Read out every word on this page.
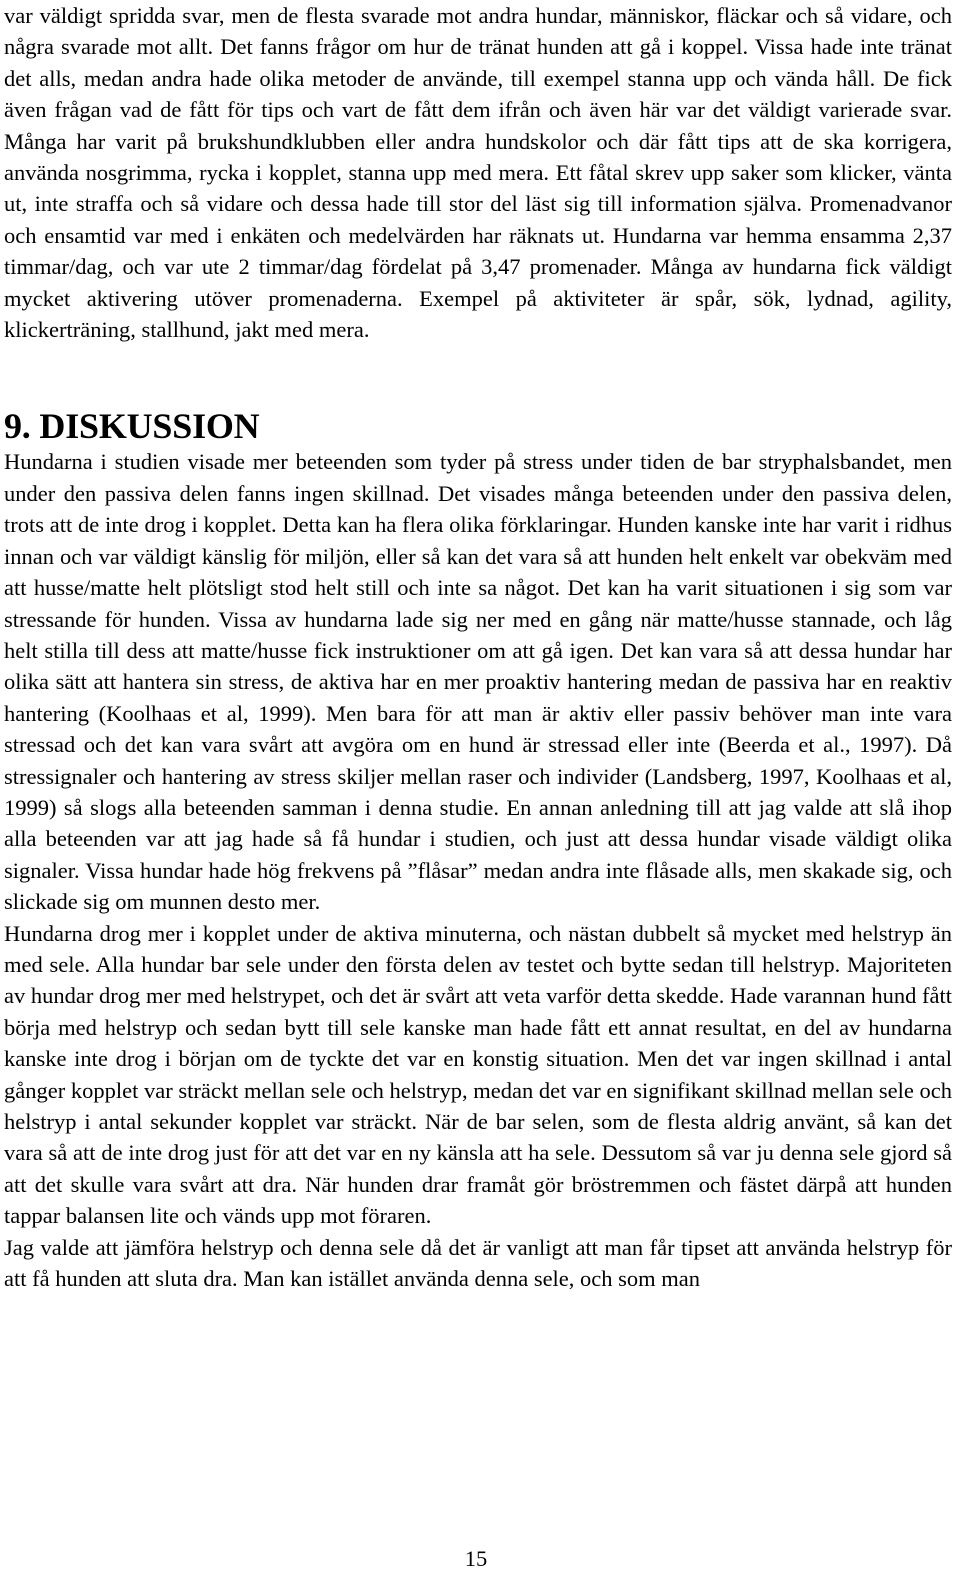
var väldigt spridda svar, men de flesta svarade mot andra hundar, människor, fläckar och så vidare, och några svarade mot allt. Det fanns frågor om hur de tränat hunden att gå i koppel. Vissa hade inte tränat det alls, medan andra hade olika metoder de använde, till exempel stanna upp och vända håll. De fick även frågan vad de fått för tips och vart de fått dem ifrån och även här var det väldigt varierade svar. Många har varit på brukshundklubben eller andra hundskolor och där fått tips att de ska korrigera, använda nosgrimma, rycka i kopplet, stanna upp med mera. Ett fåtal skrev upp saker som klicker, vänta ut, inte straffa och så vidare och dessa hade till stor del läst sig till information själva. Promenadvanor och ensamtid var med i enkäten och medelvärden har räknats ut. Hundarna var hemma ensamma 2,37 timmar/dag, och var ute 2 timmar/dag fördelat på 3,47 promenader. Många av hundarna fick väldigt mycket aktivering utöver promenaderna. Exempel på aktiviteter är spår, sök, lydnad, agility, klickerträning, stallhund, jakt med mera.

9. DISKUSSION

Hundarna i studien visade mer beteenden som tyder på stress under tiden de bar stryphalsbandet, men under den passiva delen fanns ingen skillnad. Det visades många beteenden under den passiva delen, trots att de inte drog i kopplet. Detta kan ha flera olika förklaringar. Hunden kanske inte har varit i ridhus innan och var väldigt känslig för miljön, eller så kan det vara så att hunden helt enkelt var obekväm med att husse/matte helt plötsligt stod helt still och inte sa något. Det kan ha varit situationen i sig som var stressande för hunden. Vissa av hundarna lade sig ner med en gång när matte/husse stannade, och låg helt stilla till dess att matte/husse fick instruktioner om att gå igen. Det kan vara så att dessa hundar har olika sätt att hantera sin stress, de aktiva har en mer proaktiv hantering medan de passiva har en reaktiv hantering (Koolhaas et al, 1999). Men bara för att man är aktiv eller passiv behöver man inte vara stressad och det kan vara svårt att avgöra om en hund är stressad eller inte (Beerda et al., 1997). Då stressignaler och hantering av stress skiljer mellan raser och individer (Landsberg, 1997, Koolhaas et al, 1999) så slogs alla beteenden samman i denna studie. En annan anledning till att jag valde att slå ihop alla beteenden var att jag hade så få hundar i studien, och just att dessa hundar visade väldigt olika signaler. Vissa hundar hade hög frekvens på ”flåsar” medan andra inte flåsade alls, men skakade sig, och slickade sig om munnen desto mer.

Hundarna drog mer i kopplet under de aktiva minuterna, och nästan dubbelt så mycket med helstryp än med sele. Alla hundar bar sele under den första delen av testet och bytte sedan till helstryp. Majoriteten av hundar drog mer med helstrypet, och det är svårt att veta varför detta skedde. Hade varannan hund fått börja med helstryp och sedan bytt till sele kanske man hade fått ett annat resultat, en del av hundarna kanske inte drog i början om de tyckte det var en konstig situation. Men det var ingen skillnad i antal gånger kopplet var sträckt mellan sele och helstryp, medan det var en signifikant skillnad mellan sele och helstryp i antal sekunder kopplet var sträckt. När de bar selen, som de flesta aldrig använt, så kan det vara så att de inte drog just för att det var en ny känsla att ha sele. Dessutom så var ju denna sele gjord så att det skulle vara svårt att dra. När hunden drar framåt gör bröstremmen och fästet därpå att hunden tappar balansen lite och vänds upp mot föraren.

Jag valde att jämföra helstryp och denna sele då det är vanligt att man får tipset att använda helstryp för att få hunden att sluta dra. Man kan istället använda denna sele, och som man

15
